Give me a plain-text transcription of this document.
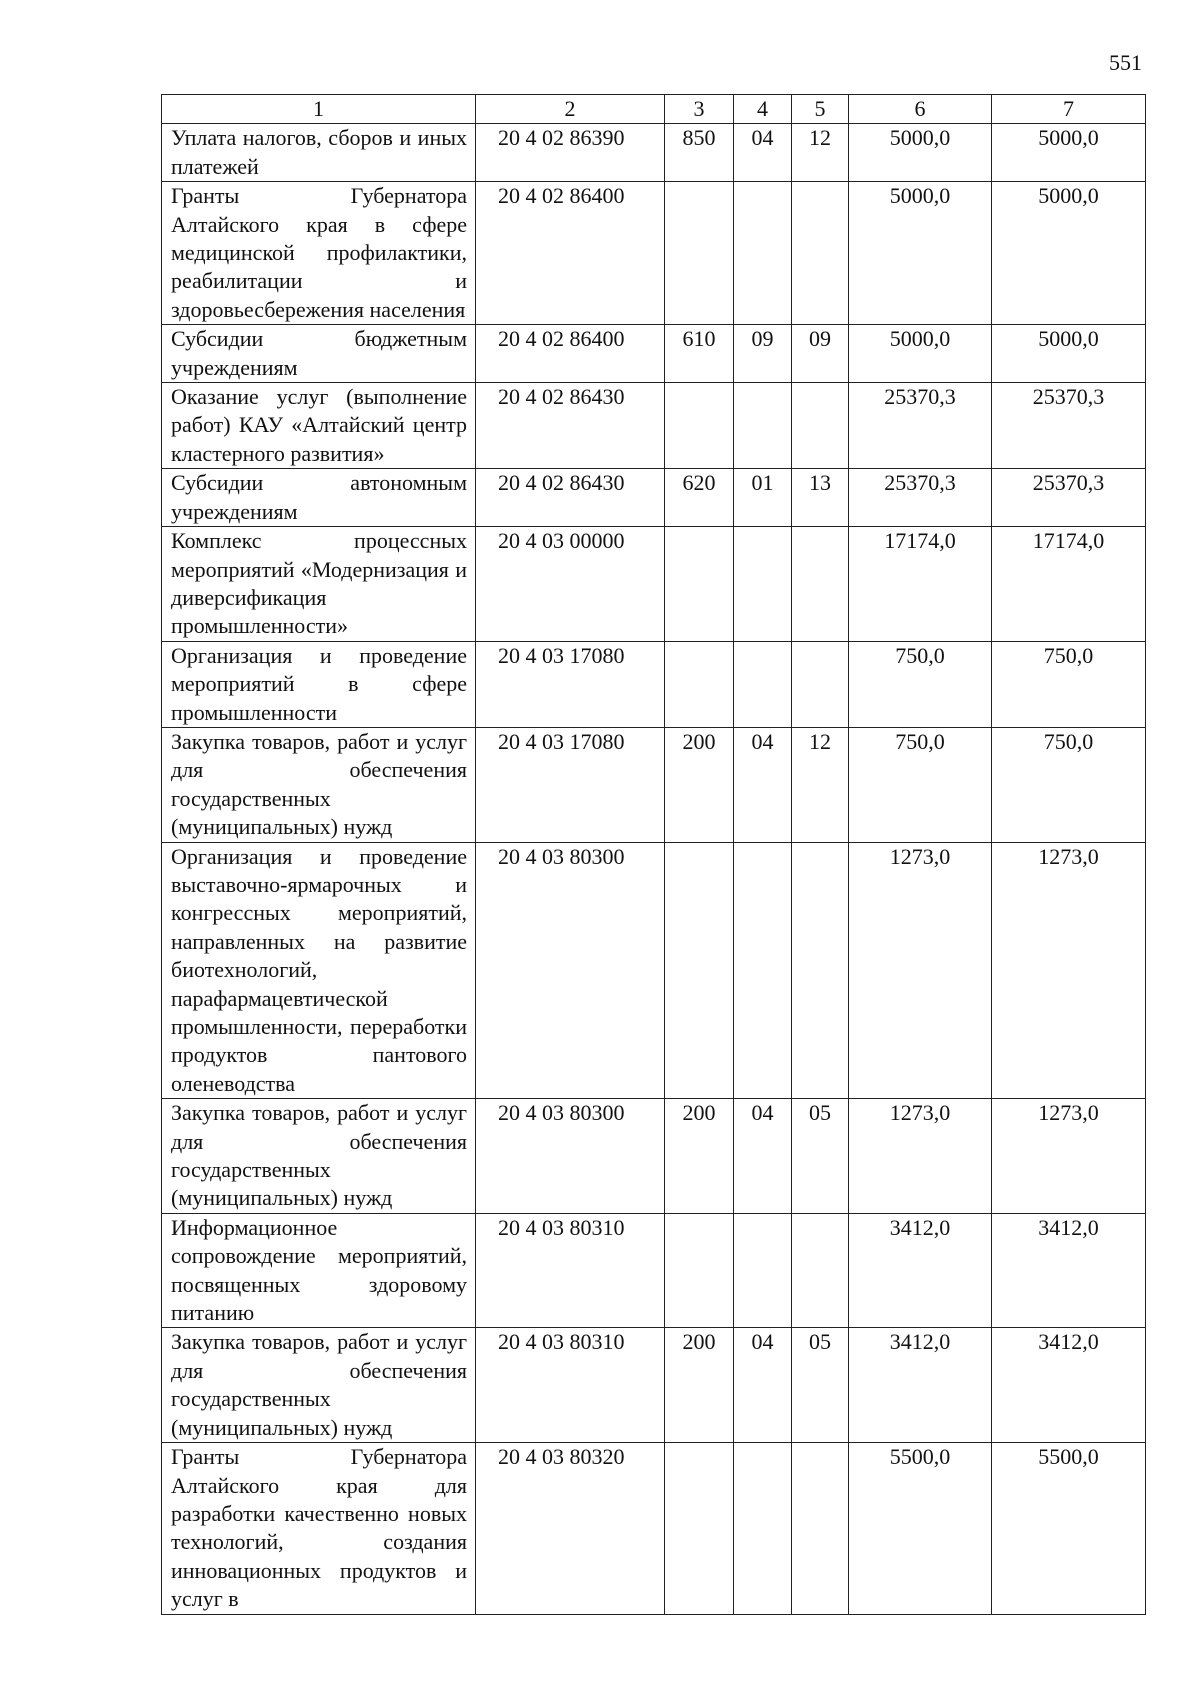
551
1	2	3	4	5	6	7
Уплата налогов, сборов и иных платежей	20 4 02 86390	850	04	12	5000,0	5000,0
Гранты Губернатора Алтайского края в сфере медицинской профилактики, реабилитации и здоровьесбережения населения	20 4 02 86400				5000,0	5000,0
Субсидии бюджетным учреждениям	20 4 02 86400	610	09	09	5000,0	5000,0
Оказание услуг (выполнение работ) КАУ «Алтайский центр кластерного развития»	20 4 02 86430				25370,3	25370,3
Субсидии автономным учреждениям	20 4 02 86430	620	01	13	25370,3	25370,3
Комплекс процессных мероприятий «Модернизация и диверсификация промышленности»	20 4 03 00000				17174,0	17174,0
Организация и проведение мероприятий в сфере промышленности	20 4 03 17080				750,0	750,0
Закупка товаров, работ и услуг для обеспечения государственных (муниципальных) нужд	20 4 03 17080	200	04	12	750,0	750,0
Организация и проведение выставочно-ярмарочных и конгрессных мероприятий, направленных на развитие биотехнологий, парафармацевтической промышленности, переработки продуктов пантового оленеводства	20 4 03 80300				1273,0	1273,0
Закупка товаров, работ и услуг для обеспечения государственных (муниципальных) нужд	20 4 03 80300	200	04	05	1273,0	1273,0
Информационное сопровождение мероприятий, посвященных здоровому питанию	20 4 03 80310				3412,0	3412,0
Закупка товаров, работ и услуг для обеспечения государственных (муниципальных) нужд	20 4 03 80310	200	04	05	3412,0	3412,0
Гранты Губернатора Алтайского края для разработки качественно новых технологий, создания инновационных продуктов и услуг в	20 4 03 80320				5500,0	5500,0
